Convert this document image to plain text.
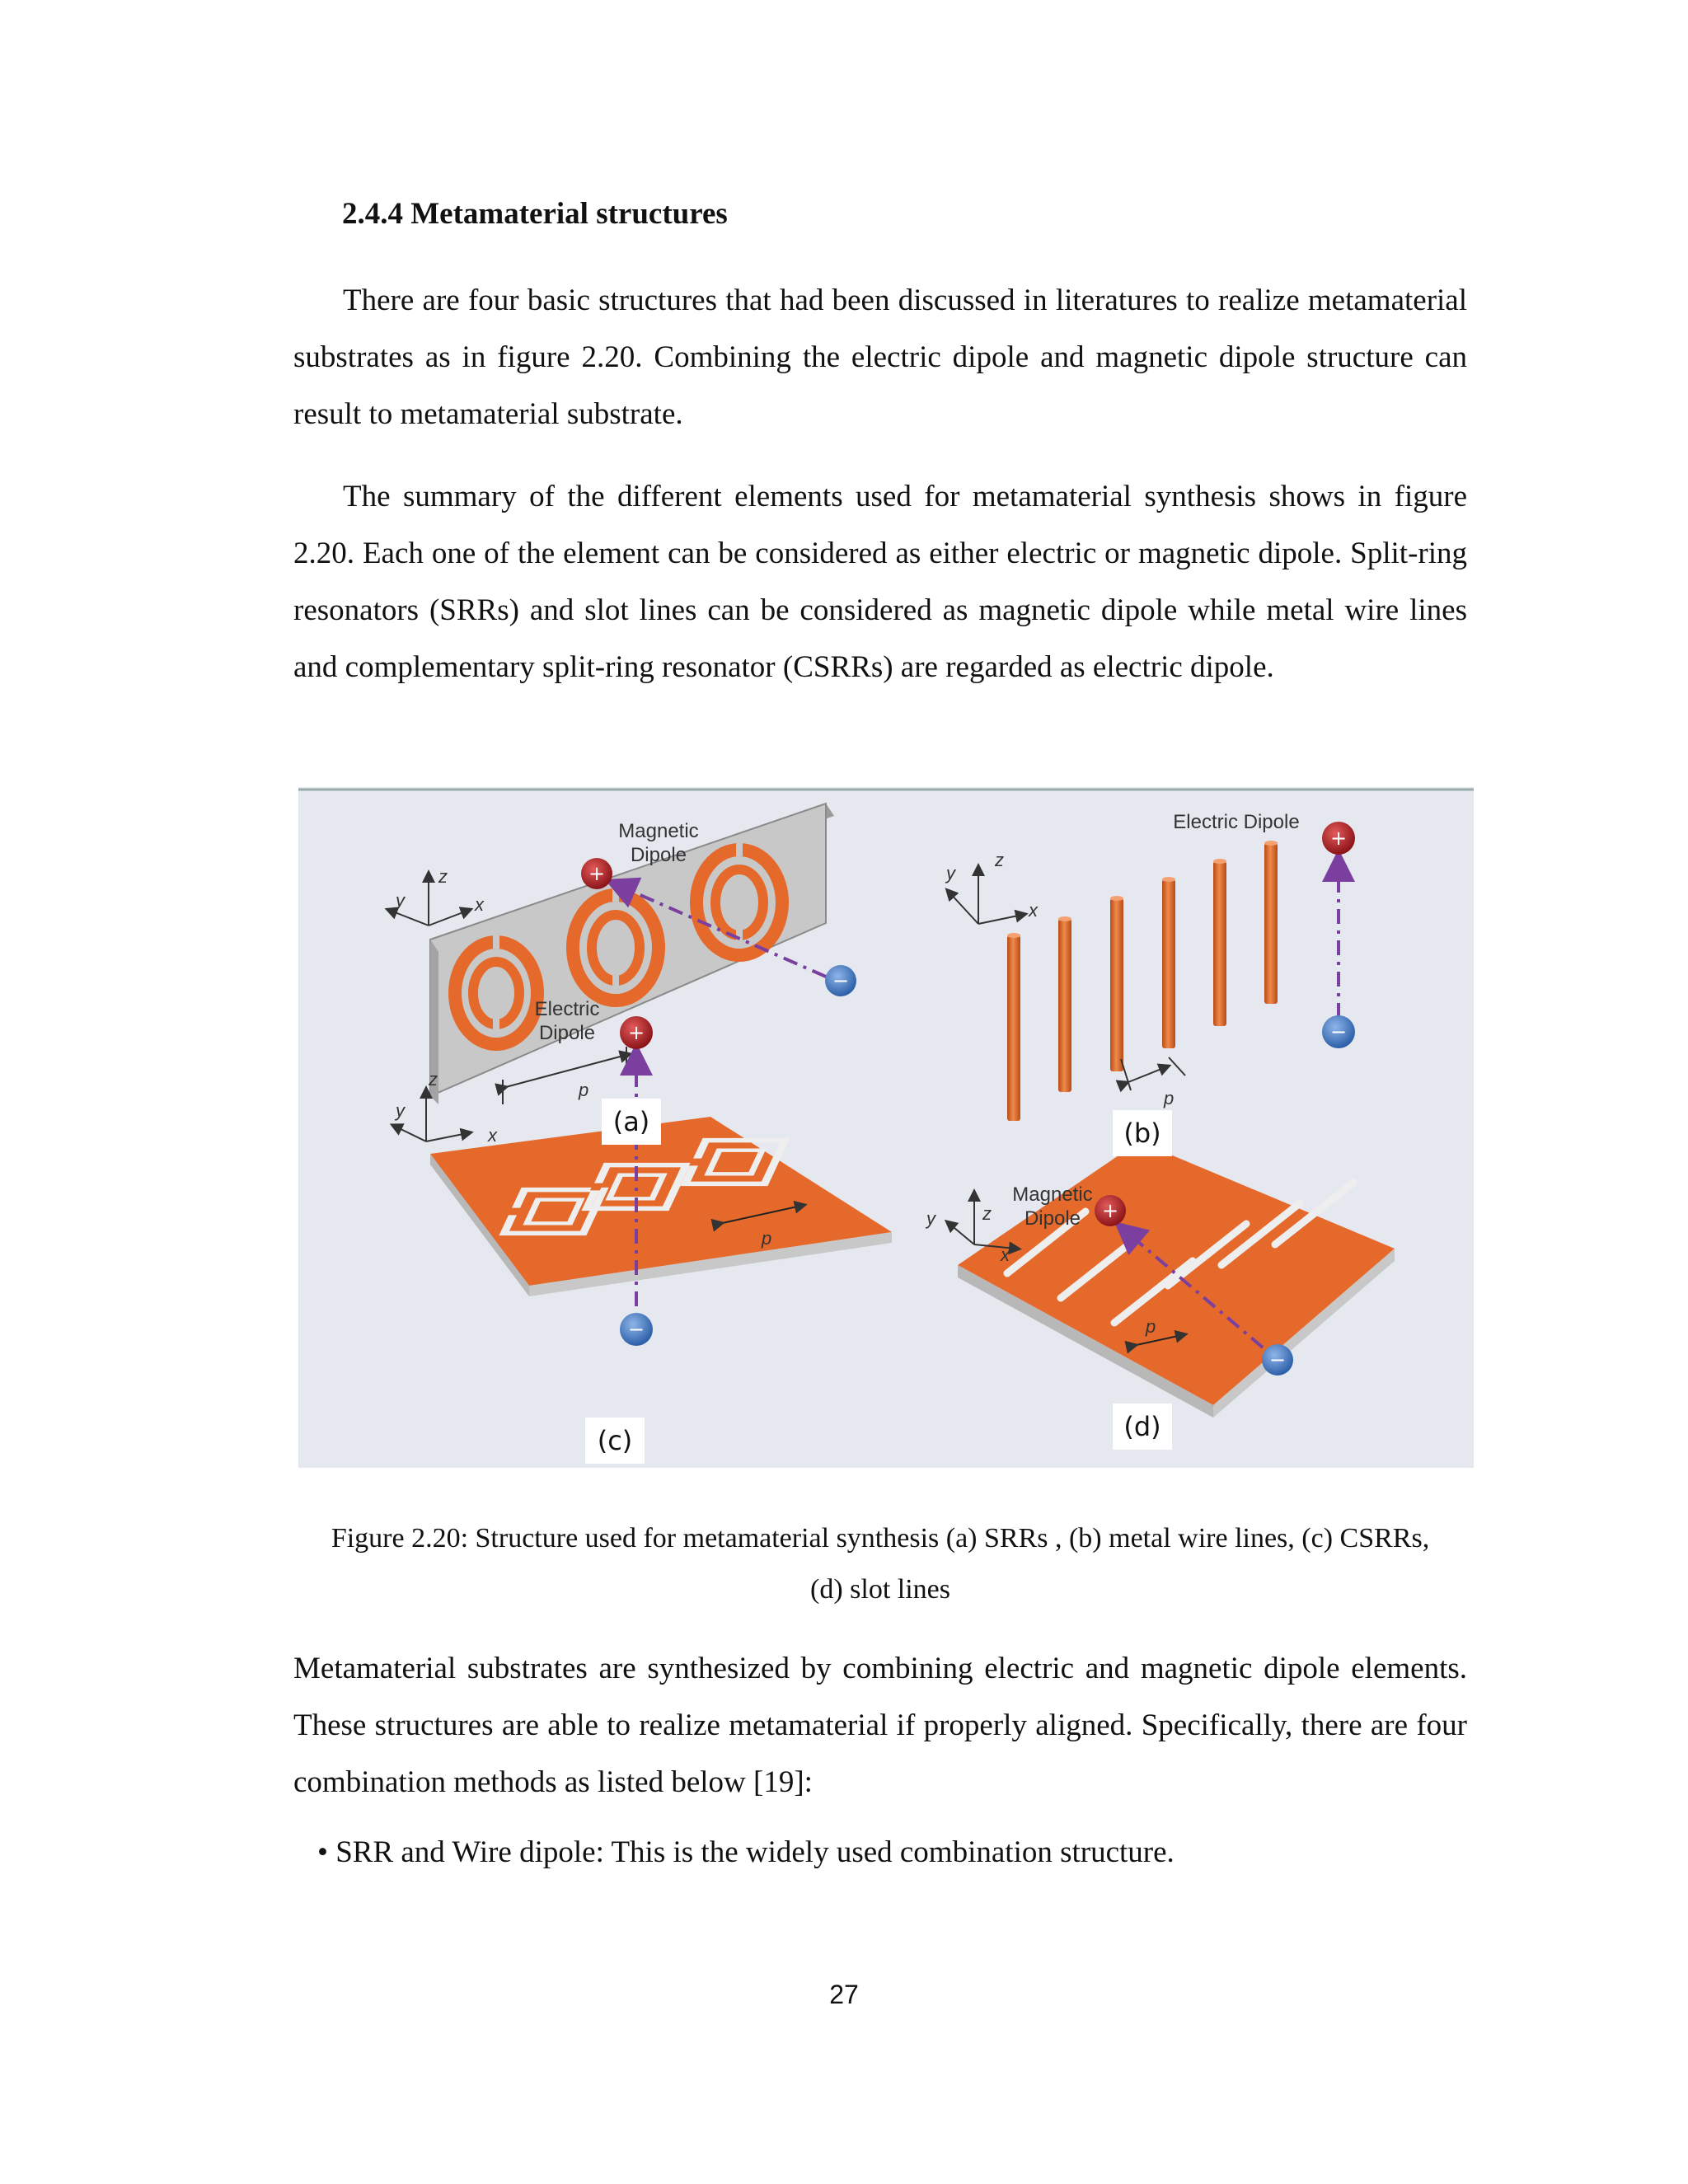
2.4.4 Metamaterial structures

There are four basic structures that had been discussed in literatures to realize metamaterial substrates as in figure 2.20. Combining the electric dipole and magnetic dipole structure can result to metamaterial substrate.

The summary of the different elements used for metamaterial synthesis shows in figure 2.20. Each one of the element can be considered as either electric or magnetic dipole. Split-ring resonators (SRRs) and slot lines can be considered as magnetic dipole while metal wire lines and complementary split-ring resonator (CSRRs) are regarded as electric dipole.

+
−
Magnetic
Dipole
z
x
y
p
+
−
Electric Dipole
z
x
y
p
+
−
Electric
Dipole
z
x
y
p
+
−
Magnetic
Dipole
z
x
y
p
(a)	(b)
(c)	(d)

Figure 2.20: Structure used for metamaterial synthesis (a) SRRs , (b) metal wire lines, (c) CSRRs,
(d) slot lines

Metamaterial substrates are synthesized by combining electric and magnetic dipole elements. These structures are able to realize metamaterial if properly aligned. Specifically, there are four combination methods as listed below [19]:

• SRR and Wire dipole: This is the widely used combination structure.

27
